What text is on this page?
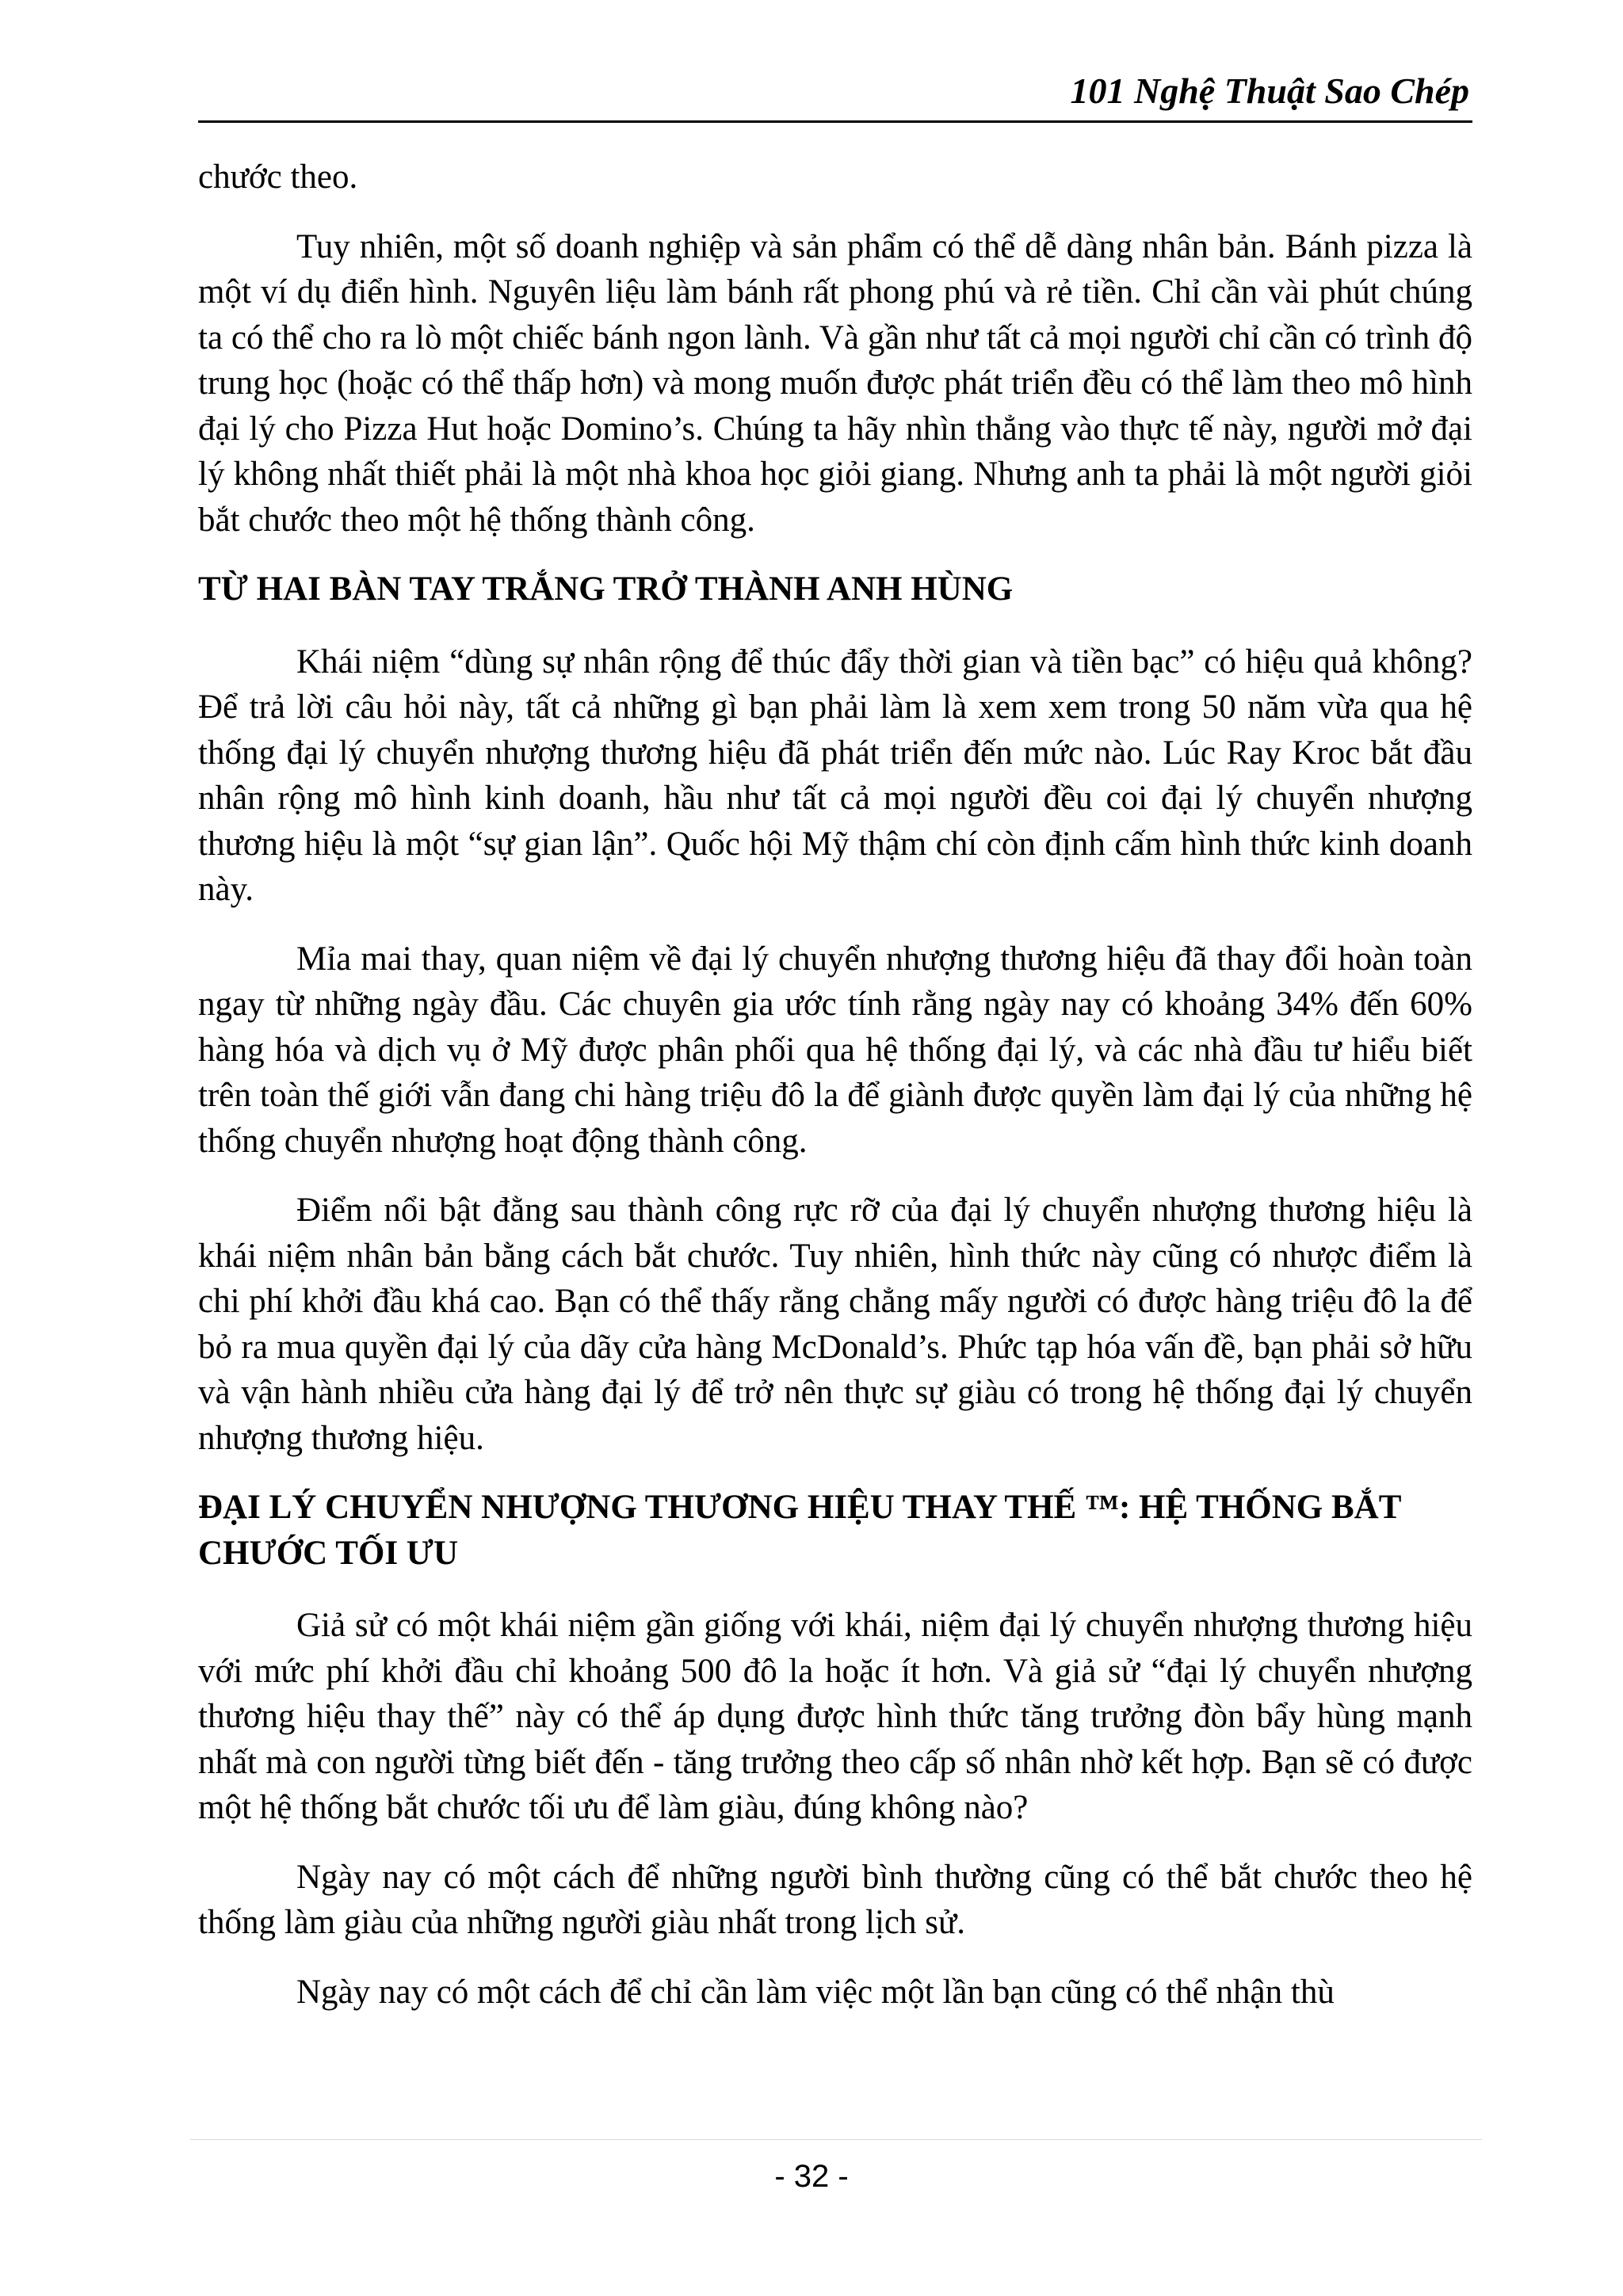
101 Nghệ Thuật Sao Chép

chước theo.

Tuy nhiên, một số doanh nghiệp và sản phẩm có thể dễ dàng nhân bản. Bánh pizza là một ví dụ điển hình. Nguyên liệu làm bánh rất phong phú và rẻ tiền. Chỉ cần vài phút chúng ta có thể cho ra lò một chiếc bánh ngon lành. Và gần như tất cả mọi người chỉ cần có trình độ trung học (hoặc có thể thấp hơn) và mong muốn được phát triển đều có thể làm theo mô hình đại lý cho Pizza Hut hoặc Domino’s. Chúng ta hãy nhìn thẳng vào thực tế này, người mở đại lý không nhất thiết phải là một nhà khoa học giỏi giang. Nhưng anh ta phải là một người giỏi bắt chước theo một hệ thống thành công.

TỪ HAI BÀN TAY TRẮNG TRỞ THÀNH ANH HÙNG

Khái niệm “dùng sự nhân rộng để thúc đẩy thời gian và tiền bạc” có hiệu quả không? Để trả lời câu hỏi này, tất cả những gì bạn phải làm là xem xem trong 50 năm vừa qua hệ thống đại lý chuyển nhượng thương hiệu đã phát triển đến mức nào. Lúc Ray Kroc bắt đầu nhân rộng mô hình kinh doanh, hầu như tất cả mọi người đều coi đại lý chuyển nhượng thương hiệu là một “sự gian lận”. Quốc hội Mỹ thậm chí còn định cấm hình thức kinh doanh này.

Mỉa mai thay, quan niệm về đại lý chuyển nhượng thương hiệu đã thay đổi hoàn toàn ngay từ những ngày đầu. Các chuyên gia ước tính rằng ngày nay có khoảng 34% đến 60% hàng hóa và dịch vụ ở Mỹ được phân phối qua hệ thống đại lý, và các nhà đầu tư hiểu biết trên toàn thế giới vẫn đang chi hàng triệu đô la để giành được quyền làm đại lý của những hệ thống chuyển nhượng hoạt động thành công.

Điểm nổi bật đằng sau thành công rực rỡ của đại lý chuyển nhượng thương hiệu là khái niệm nhân bản bằng cách bắt chước. Tuy nhiên, hình thức này cũng có nhược điểm là chi phí khởi đầu khá cao. Bạn có thể thấy rằng chẳng mấy người có được hàng triệu đô la để bỏ ra mua quyền đại lý của dãy cửa hàng McDonald’s. Phức tạp hóa vấn đề, bạn phải sở hữu và vận hành nhiều cửa hàng đại lý để trở nên thực sự giàu có trong hệ thống đại lý chuyển nhượng thương hiệu.

ĐẠI LÝ CHUYỂN NHƯỢNG THƯƠNG HIỆU THAY THẾ ™: HỆ THỐNG BẮT CHƯỚC TỐI ƯU

Giả sử có một khái niệm gần giống với khái, niệm đại lý chuyển nhượng thương hiệu với mức phí khởi đầu chỉ khoảng 500 đô la hoặc ít hơn. Và giả sử “đại lý chuyển nhượng thương hiệu thay thế” này có thể áp dụng được hình thức tăng trưởng đòn bẩy hùng mạnh nhất mà con người từng biết đến - tăng trưởng theo cấp số nhân nhờ kết hợp. Bạn sẽ có được một hệ thống bắt chước tối ưu để làm giàu, đúng không nào?

Ngày nay có một cách để những người bình thường cũng có thể bắt chước theo hệ thống làm giàu của những người giàu nhất trong lịch sử.

Ngày nay có một cách để chỉ cần làm việc một lần bạn cũng có thể nhận thù

- 32 -
